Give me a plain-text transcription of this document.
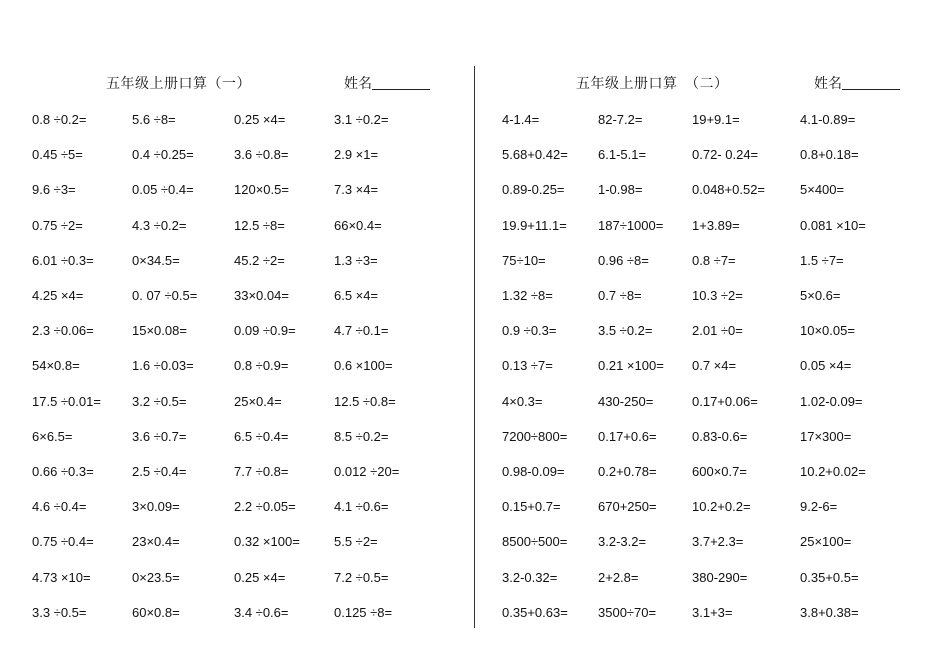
五年级上册口算（一）	姓名
0.8 ÷0.2=	5.6 ÷8=	0.25 ×4=	3.1 ÷0.2=
0.45 ÷5=	0.4 ÷0.25=	3.6 ÷0.8=	2.9 ×1=
9.6 ÷3=	0.05 ÷0.4=	120×0.5=	7.3 ×4=
0.75 ÷2=	4.3 ÷0.2=	12.5 ÷8=	66×0.4=
6.01 ÷0.3=	0×34.5=	45.2 ÷2=	1.3 ÷3=
4.25 ×4=	0. 07 ÷0.5=	33×0.04=	6.5 ×4=
2.3 ÷0.06=	15×0.08=	0.09 ÷0.9=	4.7 ÷0.1=
54×0.8=	1.6 ÷0.03=	0.8 ÷0.9=	0.6 ×100=
17.5 ÷0.01= 3.2 ÷0.5=	25×0.4=	12.5 ÷0.8=
6×6.5=	3.6 ÷0.7=	6.5 ÷0.4=	8.5 ÷0.2=
0.66 ÷0.3=	2.5 ÷0.4=	7.7 ÷0.8=	0.012 ÷20=
4.6 ÷0.4=	3×0.09=	2.2 ÷0.05=	4.1 ÷0.6=
0.75 ÷0.4=	23×0.4=	0.32 ×100=	5.5 ÷2=
4.73 ×10=	0×23.5=	0.25 ×4=	7.2 ÷0.5=
3.3 ÷0.5=	60×0.8=	3.4 ÷0.6=	0.125 ÷8=
五年级上册口算　（二）	姓名
4-1.4=	82-7.2=	19+9.1=	4.1-0.89=
5.68+0.42= 6.1-5.1=	0.72- 0.24=	0.8+0.18=
0.89-0.25=	1-0.98=	0.048+0.52=	5×400=
19.9+11.1= 187÷1000= 1+3.89=	0.081 ×10=
75÷10=	0.96 ÷8=	0.8 ÷7=	1.5 ÷7=
1.32 ÷8=	0.7 ÷8=	10.3 ÷2=	5×0.6=
0.9 ÷0.3=	3.5 ÷0.2=	2.01 ÷0=	10×0.05=
0.13 ÷7=	0.21 ×100= 0.7 ×4=	0.05 ×4=
4×0.3=	430-250=	0.17+0.06=	1.02-0.09=
7200÷800= 0.17+0.6=	0.83-0.6=	17×300=
0.98-0.09=	0.2+0.78=	600×0.7=	10.2+0.02=
0.15+0.7=	670+250=	10.2+0.2=	9.2-6=
8500÷500= 3.2-3.2=	3.7+2.3=	25×100=
3.2-0.32=	2+2.8=	380-290=	0.35+0.5=
0.35+0.63= 3500÷70=	3.1+3=	3.8+0.38=
